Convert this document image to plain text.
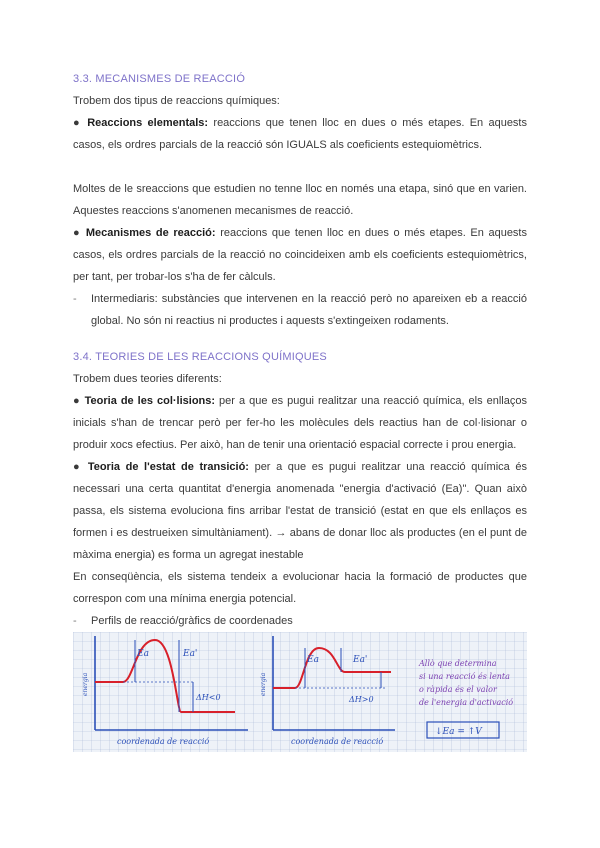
3.3. MECANISMES DE REACCIÓ

Trobem dos tipus de reaccions químiques:

● Reaccions elementals: reaccions que tenen lloc en dues o més etapes. En aquests casos, els ordres parcials de la reacció són IGUALS als coeficients estequiomètrics.

Moltes de le sreaccions que estudien no tenne lloc en només una etapa, sinó que en varien. Aquestes reaccions s'anomenen mecanismes de reacció.

● Mecanismes de reacció: reaccions que tenen lloc en dues o més etapes. En aquests casos, els ordres parcials de la reacció no coincideixen amb els coeficients estequiomètrics, per tant, per trobar-los s'ha de fer càlculs.

- Intermediaris: substàncies que intervenen en la reacció però no apareixen eb a reacció global. No són ni reactius ni productes i aquests s'extingeixen rodaments.
3.4. TEORIES DE LES REACCIONS QUÍMIQUES

Trobem dues teories diferents:

● Teoria de les col·lisions: per a que es pugui realitzar una reacció química, els enllaços inicials s'han de trencar però per fer-ho les molècules dels reactius han de col·lisionar o produir xocs efectius. Per això, han de tenir una orientació espacial correcte i prou energia.

● Teoria de l'estat de transició: per a que es pugui realitzar una reacció química és necessari una certa quantitat d'energia anomenada "energia d'activació (Ea)". Quan això passa, els sistema evoluciona fins arribar l'estat de transició (estat en que els enllaços es formen i es destrueixen simultàniament). → abans de donar lloc als productes (en el punt de màxima energia) es forma un agregat inestable

En conseqüència, els sistema tendeix a evolucionar hacia la formació de productes que correspon com una mínima energia potencial.

- Perfils de reacció/gràfics de coordenades
Ea	Ea'
ΔH<0
coordenada de reacció
energia
Ea	Ea'
ΔH>0
coordenada de reacció
energia
Allò que determina
si una reacció és lenta
o ràpida és el valor
de l'energia d'activació
↓Ea = ↑V
